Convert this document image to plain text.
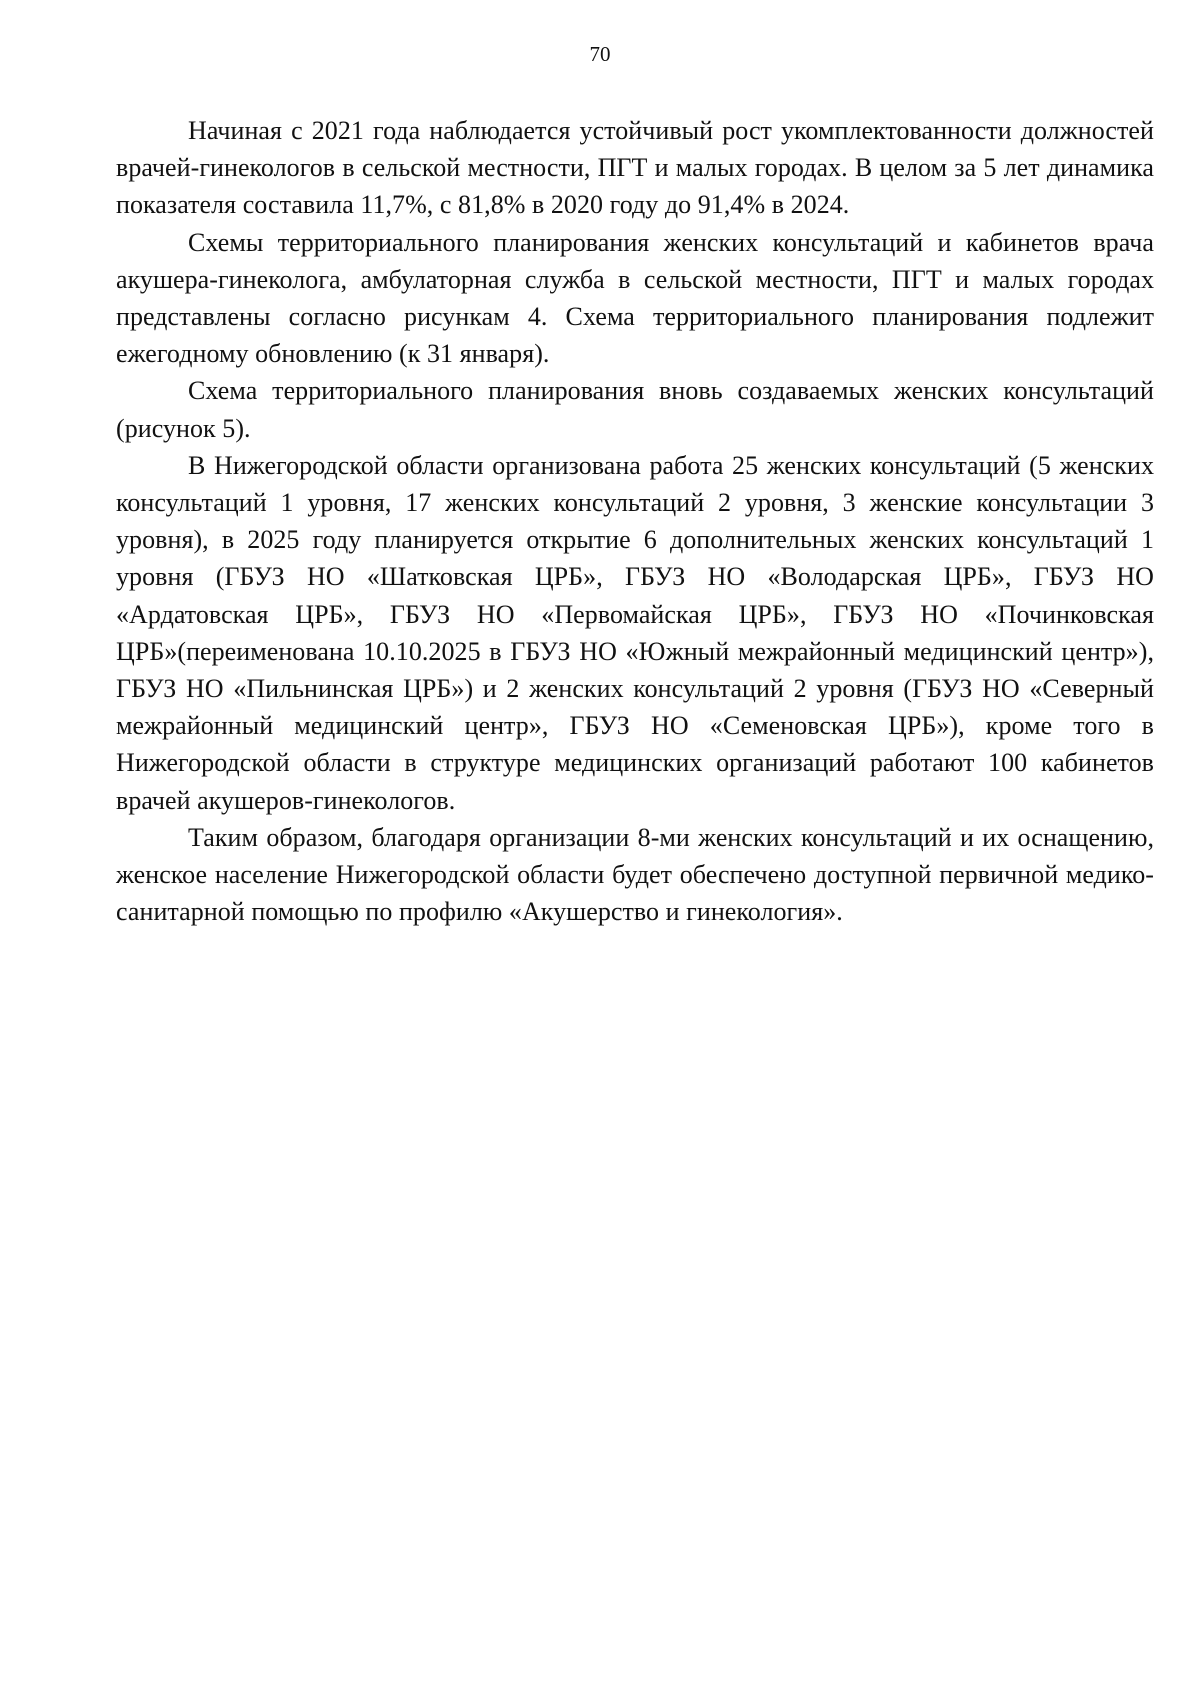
70

Начиная с 2021 года наблюдается устойчивый рост укомплектованности должностей врачей-гинекологов в сельской местности, ПГТ и малых городах. В целом за 5 лет динамика показателя составила 11,7%, с 81,8% в 2020 году до 91,4% в 2024.

Схемы территориального планирования женских консультаций и кабинетов врача акушера-гинеколога, амбулаторная служба в сельской местности, ПГТ и малых городах представлены согласно рисункам 4. Схема территориального планирования подлежит ежегодному обновлению (к 31 января).

Схема территориального планирования вновь создаваемых женских консультаций (рисунок 5).

В Нижегородской области организована работа 25 женских консультаций (5 женских консультаций 1 уровня, 17 женских консультаций 2 уровня, 3 женские консультации 3 уровня), в 2025 году планируется открытие 6 дополнительных женских консультаций 1 уровня (ГБУЗ НО «Шатковская ЦРБ», ГБУЗ НО «Володарская ЦРБ», ГБУЗ НО «Ардатовская ЦРБ», ГБУЗ НО «Первомайская ЦРБ», ГБУЗ НО «Починковская ЦРБ»(переименована 10.10.2025 в ГБУЗ НО «Южный межрайонный медицинский центр»), ГБУЗ НО «Пильнинская ЦРБ») и 2 женских консультаций 2 уровня (ГБУЗ НО «Северный межрайонный медицинский центр», ГБУЗ НО «Семеновская ЦРБ»), кроме того в Нижегородской области в структуре медицинских организаций работают 100 кабинетов врачей акушеров-гинекологов.

Таким образом, благодаря организации 8-ми женских консультаций и их оснащению, женское население Нижегородской области будет обеспечено доступной первичной медико-санитарной помощью по профилю «Акушерство и гинекология».
